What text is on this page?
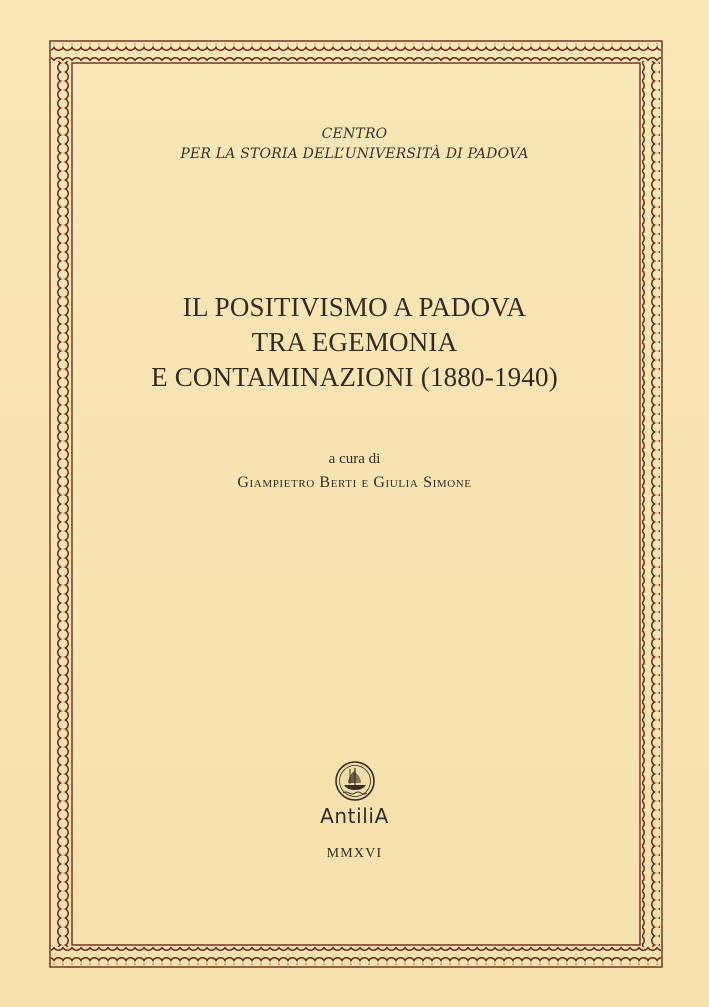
CENTRO
PER LA STORIA DELL’UNIVERSITÀ DI PADOVA
IL POSITIVISMO A PADOVA
TRA EGEMONIA
E CONTAMINAZIONI (1880-1940)
a cura di
Giampietro Berti e Giulia Simone
AntiliA
MMXVI
